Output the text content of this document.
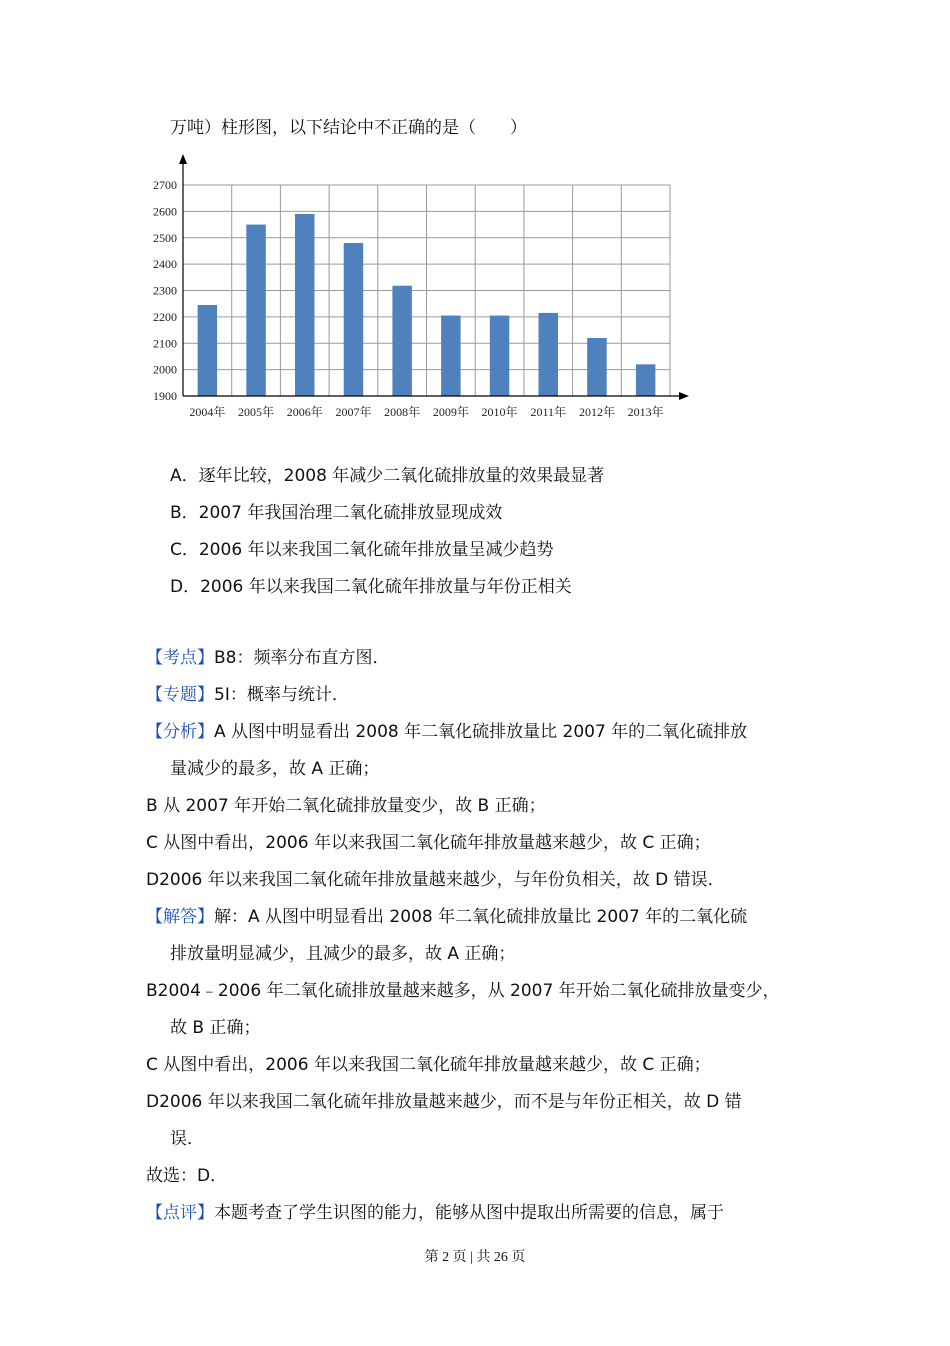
万吨）柱形图，以下结论中不正确的是（　　）
1900
2000
2100
2200
2300
2400
2500
2600
2700
2004年 2005年 2006年 2007年 2008年 2009年 2010年 2011年 2012年 2013年
A．逐年比较，2008 年减少二氧化硫排放量的效果最显著
B．2007 年我国治理二氧化硫排放显现成效
C．2006 年以来我国二氧化硫年排放量呈减少趋势
D．2006 年以来我国二氧化硫年排放量与年份正相关
【考点】B8：频率分布直方图．
【专题】5I：概率与统计．
【分析】A 从图中明显看出 2008 年二氧化硫排放量比 2007 年的二氧化硫排放
量减少的最多，故 A 正确；
B 从 2007 年开始二氧化硫排放量变少，故 B 正确；
C 从图中看出，2006 年以来我国二氧化硫年排放量越来越少，故 C 正确；
D2006 年以来我国二氧化硫年排放量越来越少，与年份负相关，故 D 错误．
【解答】解：A 从图中明显看出 2008 年二氧化硫排放量比 2007 年的二氧化硫
排放量明显减少，且减少的最多，故 A 正确；
B2004﹣2006 年二氧化硫排放量越来越多，从 2007 年开始二氧化硫排放量变少，
故 B 正确；
C 从图中看出，2006 年以来我国二氧化硫年排放量越来越少，故 C 正确；
D2006 年以来我国二氧化硫年排放量越来越少，而不是与年份正相关，故 D 错
误．
故选：D．
【点评】本题考查了学生识图的能力，能够从图中提取出所需要的信息，属于
第 2 页 | 共 26 页
